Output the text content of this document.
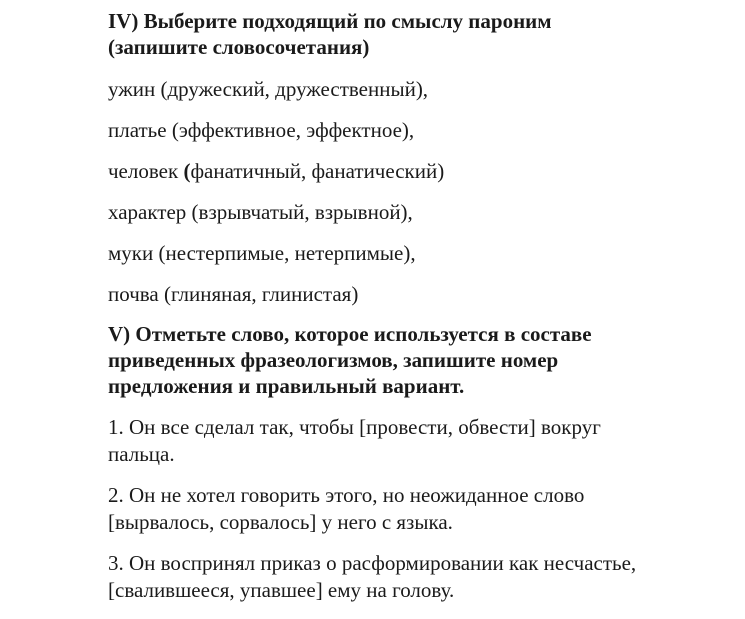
IV) Выберите подходящий по смыслу пароним
(запишите словосочетания)

ужин (дружеский, дружественный),

платье (эффективное, эффектное),

человек (фанатичный, фанатический)

характер (взрывчатый, взрывной),

муки (нестерпимые, нетерпимые),

почва (глиняная, глинистая)

V) Отметьте слово, которое используется в составе
приведенных фразеологизмов, запишите номер
предложения и правильный вариант.
1. Он все сделал так, чтобы [провести, обвести] вокруг
пальца.
2. Он не хотел говорить этого, но неожиданное слово
[вырвалось, сорвалось] у него с языка.
3. Он воспринял приказ о расформировании как несчастье,
[свалившееся, упавшее] ему на голову.
